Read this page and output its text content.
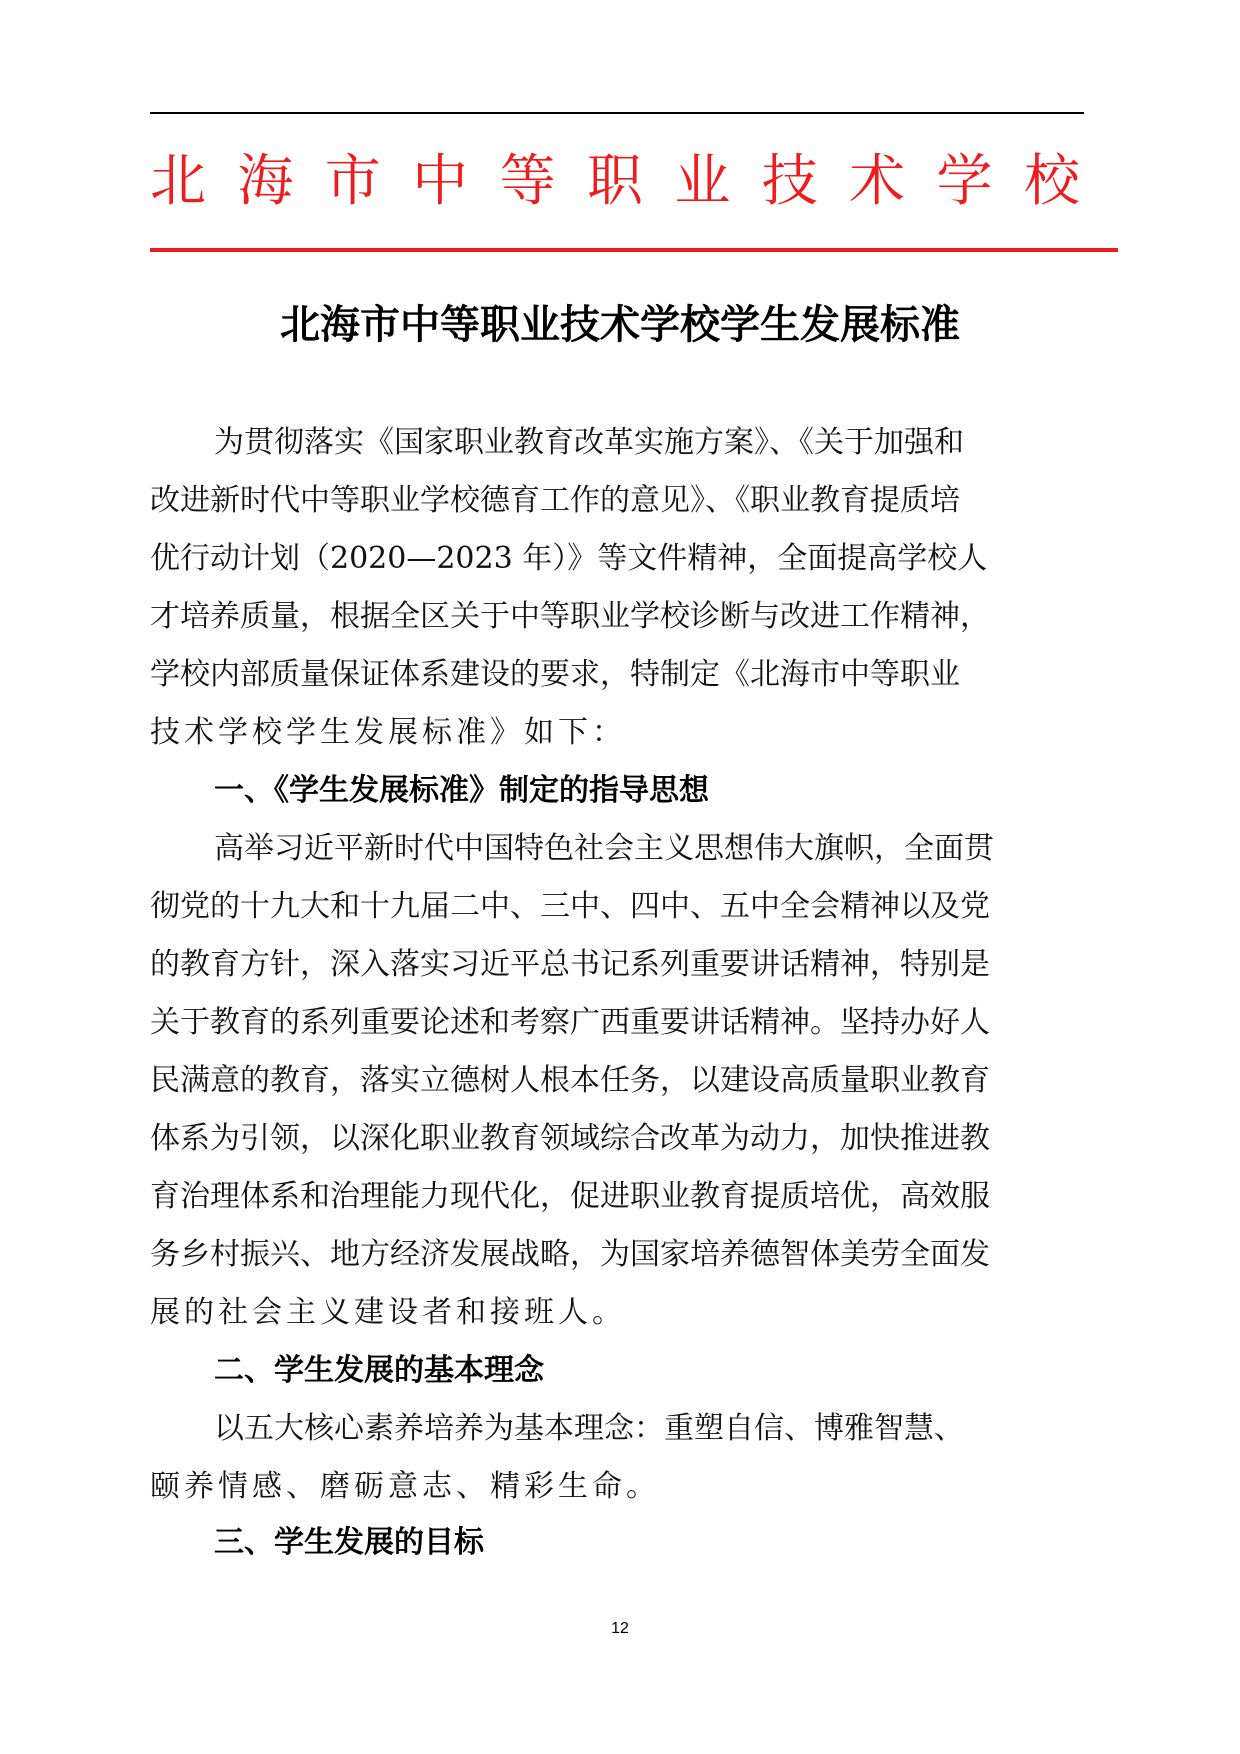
北 海 市 中 等 职 业 技 术 学 校
北海市中等职业技术学校学生发展标准
为贯彻落实《国家职业教育改革实施方案》、《关于加强和
改进新时代中等职业学校德育工作的意见》、《职业教育提质培
优行动计划（2020—2023 年）》等文件精神，全面提高学校人
才培养质量，根据全区关于中等职业学校诊断与改进工作精神，
学校内部质量保证体系建设的要求，特制定《北海市中等职业
技术学校学生发展标准》如下：
一、《学生发展标准》制定的指导思想
高举习近平新时代中国特色社会主义思想伟大旗帜，全面贯
彻党的十九大和十九届二中、三中、四中、五中全会精神以及党
的教育方针，深入落实习近平总书记系列重要讲话精神，特别是
关于教育的系列重要论述和考察广西重要讲话精神。坚持办好人
民满意的教育，落实立德树人根本任务，以建设高质量职业教育
体系为引领，以深化职业教育领域综合改革为动力，加快推进教
育治理体系和治理能力现代化，促进职业教育提质培优，高效服
务乡村振兴、地方经济发展战略，为国家培养德智体美劳全面发
展的社会主义建设者和接班人。
二、学生发展的基本理念
以五大核心素养培养为基本理念：重塑自信、博雅智慧、
颐养情感、磨砺意志、精彩生命。
三、学生发展的目标
12
